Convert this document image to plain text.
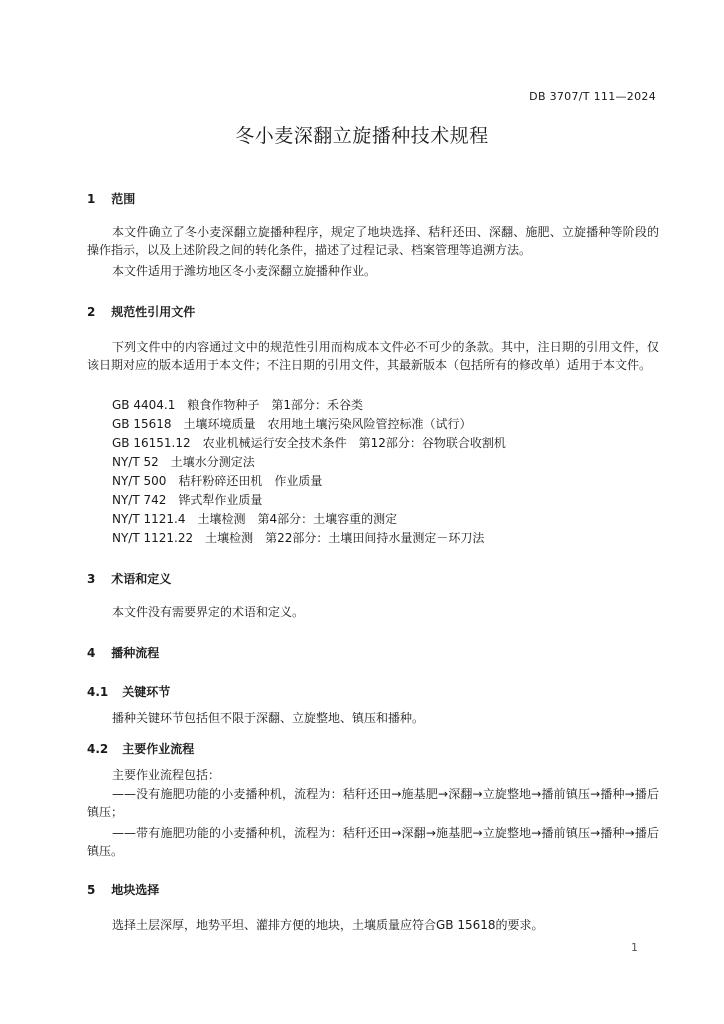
DB 3707/T 111—2024
冬小麦深翻立旋播种技术规程
1 范围

本文件确立了冬小麦深翻立旋播种程序，规定了地块选择、秸秆还田、深翻、施肥、立旋播种等阶段的操作指示，以及上述阶段之间的转化条件，描述了过程记录、档案管理等追溯方法。

本文件适用于潍坊地区冬小麦深翻立旋播种作业。

2 规范性引用文件

下列文件中的内容通过文中的规范性引用而构成本文件必不可少的条款。其中，注日期的引用文件，仅该日期对应的版本适用于本文件；不注日期的引用文件，其最新版本（包括所有的修改单）适用于本文件。

GB 4404.1　粮食作物种子　第1部分：禾谷类
GB 15618　土壤环境质量　农用地土壤污染风险管控标准（试行）
GB 16151.12　农业机械运行安全技术条件　第12部分：谷物联合收割机
NY/T 52　土壤水分测定法
NY/T 500　秸秆粉碎还田机　作业质量
NY/T 742　铧式犁作业质量
NY/T 1121.4　土壤检测　第4部分：土壤容重的测定
NY/T 1121.22　土壤检测　第22部分：土壤田间持水量测定－环刀法
3 术语和定义

本文件没有需要界定的术语和定义。

4 播种流程
4.1 关键环节

播种关键环节包括但不限于深翻、立旋整地、镇压和播种。

4.2 主要作业流程

主要作业流程包括：

——没有施肥功能的小麦播种机，流程为：秸秆还田→施基肥→深翻→立旋整地→播前镇压→播种→播后镇压；

——带有施肥功能的小麦播种机，流程为：秸秆还田→深翻→施基肥→立旋整地→播前镇压→播种→播后镇压。

5 地块选择

选择土层深厚，地势平坦、灌排方便的地块，土壤质量应符合GB 15618的要求。

1
